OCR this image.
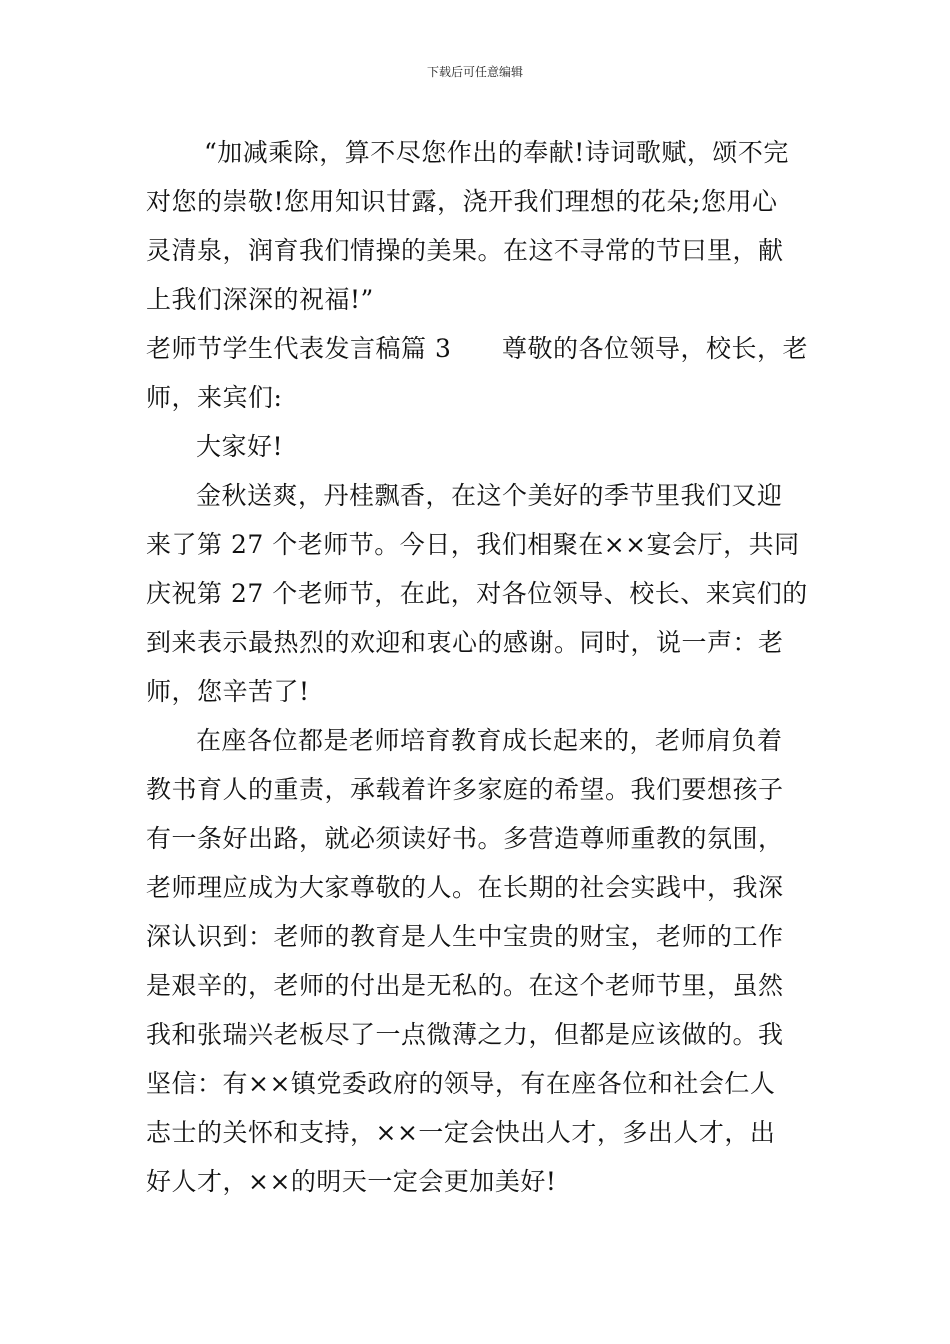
下载后可任意编辑
“加减乘除，算不尽您作出的奉献!诗词歌赋，颂不完
对您的崇敬!您用知识甘露，浇开我们理想的花朵;您用心
灵清泉，润育我们情操的美果。在这不寻常的节曰里，献
上我们深深的祝福!”
老师节学生代表发言稿篇 3 尊敬的各位领导，校长，老
师，来宾们:
大家好!
金秋送爽，丹桂飘香，在这个美好的季节里我们又迎
来了第 27 个老师节。今日，我们相聚在××宴会厅，共同
庆祝第 27 个老师节，在此，对各位领导、校长、来宾们的
到来表示最热烈的欢迎和衷心的感谢。同时，说一声：老
师，您辛苦了!
在座各位都是老师培育教育成长起来的，老师肩负着
教书育人的重责，承载着许多家庭的希望。我们要想孩子
有一条好出路，就必须读好书。多营造尊师重教的氛围，
老师理应成为大家尊敬的人。在长期的社会实践中，我深
深认识到：老师的教育是人生中宝贵的财宝，老师的工作
是艰辛的，老师的付出是无私的。在这个老师节里，虽然
我和张瑞兴老板尽了一点微薄之力，但都是应该做的。我
坚信：有××镇党委政府的领导，有在座各位和社会仁人
志士的关怀和支持，××一定会快出人才，多出人才，出
好人才，××的明天一定会更加美好!
